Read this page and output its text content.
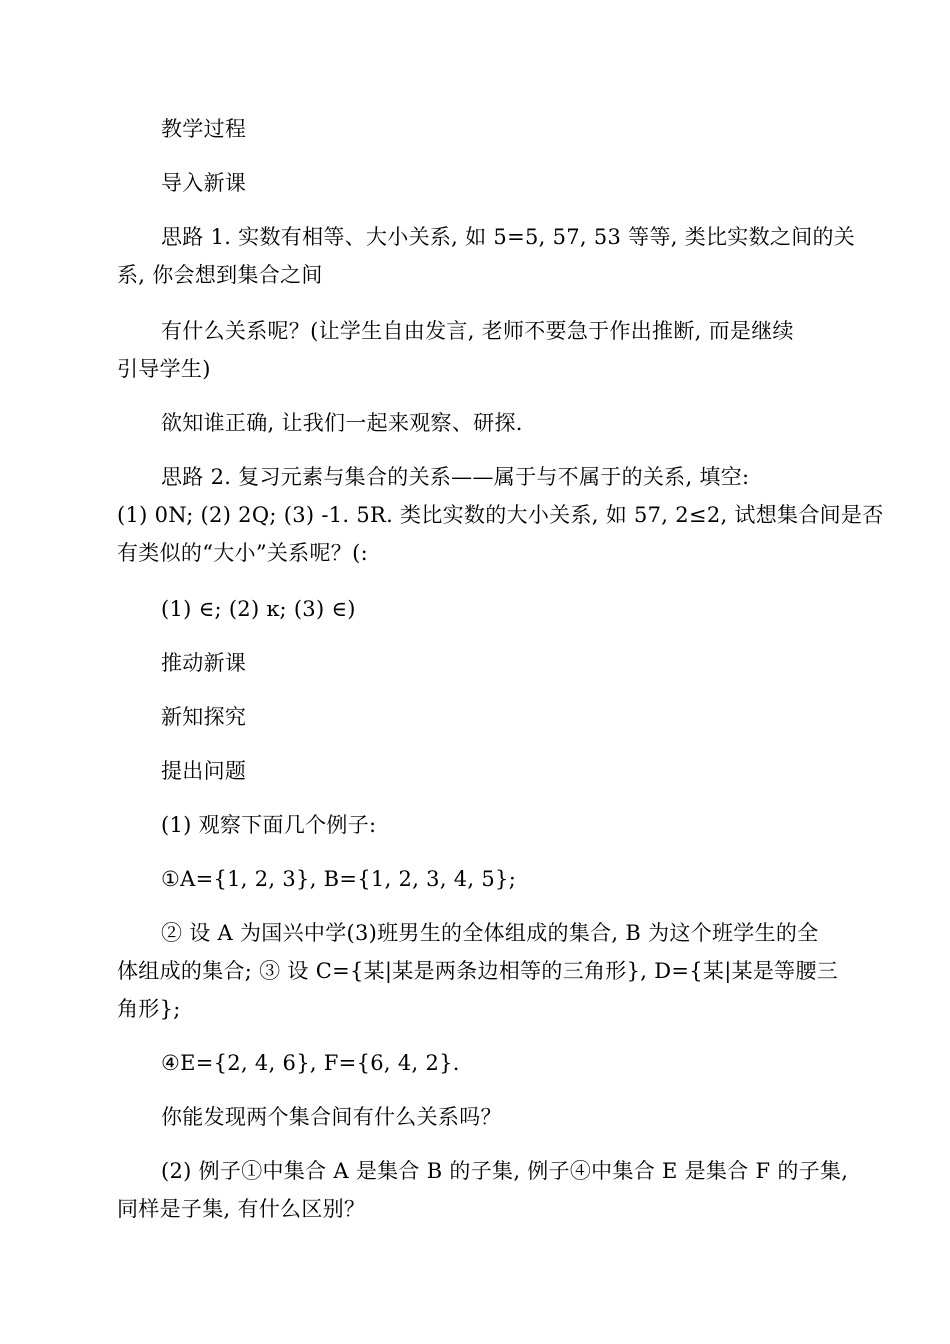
教学过程

导入新课

思路 1. 实数有相等、大小关系, 如 5=5, 57, 53 等等, 类比实数之间的关
系, 你会想到集合之间

有什么关系呢？(让学生自由发言, 老师不要急于作出推断, 而是继续
引导学生)

欲知谁正确, 让我们一起来观察、研探.

思路 2. 复习元素与集合的关系——属于与不属于的关系, 填空:
(1) 0N; (2) 2Q; (3) -1. 5R. 类比实数的大小关系, 如 57, 2≤2, 试想集合间是否
有类似的“大小”关系呢？(:

(1) ∈; (2) ĸ; (3) ∈)

推动新课

新知探究

提出问题

(1) 观察下面几个例子:

①A={1, 2, 3}, B={1, 2, 3, 4, 5};

② 设 A 为国兴中学(3)班男生的全体组成的集合, B 为这个班学生的全
体组成的集合; ③ 设 C={某|某是两条边相等的三角形}, D={某|某是等腰三
角形};

④E={2, 4, 6}, F={6, 4, 2}.

你能发现两个集合间有什么关系吗？

(2) 例子①中集合 A 是集合 B 的子集, 例子④中集合 E 是集合 F 的子集,
同样是子集, 有什么区别？
